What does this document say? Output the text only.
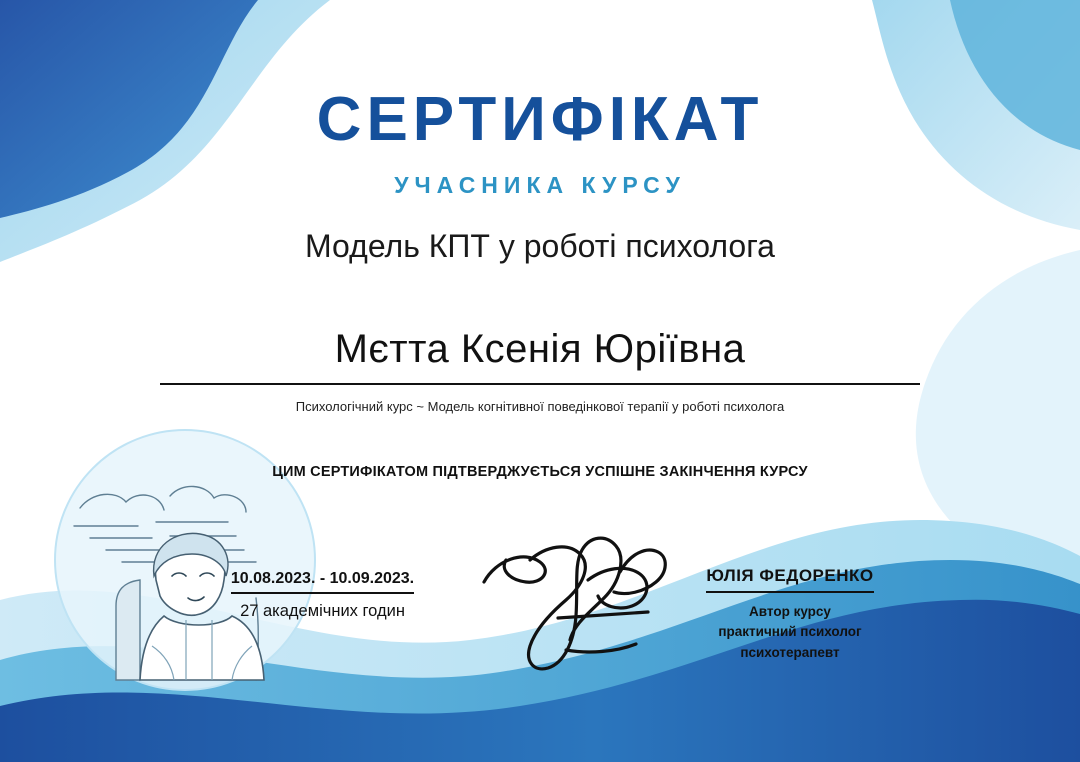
СЕРТИФІКАТ
УЧАСНИКА КУРСУ
Модель КПТ у роботі психолога
Мєтта Ксенія Юріївна
Психологічний курс ~ Модель когнітивної поведінкової терапії у роботі психолога
ЦИМ СЕРТИФІКАТОМ ПІДТВЕРДЖУЄТЬСЯ УСПІШНЕ ЗАКІНЧЕННЯ КУРСУ
10.08.2023. - 10.09.2023.
27 академічних годин
ЮЛІЯ ФЕДОРЕНКО
Автор курсу
практичний психолог
психотерапевт
